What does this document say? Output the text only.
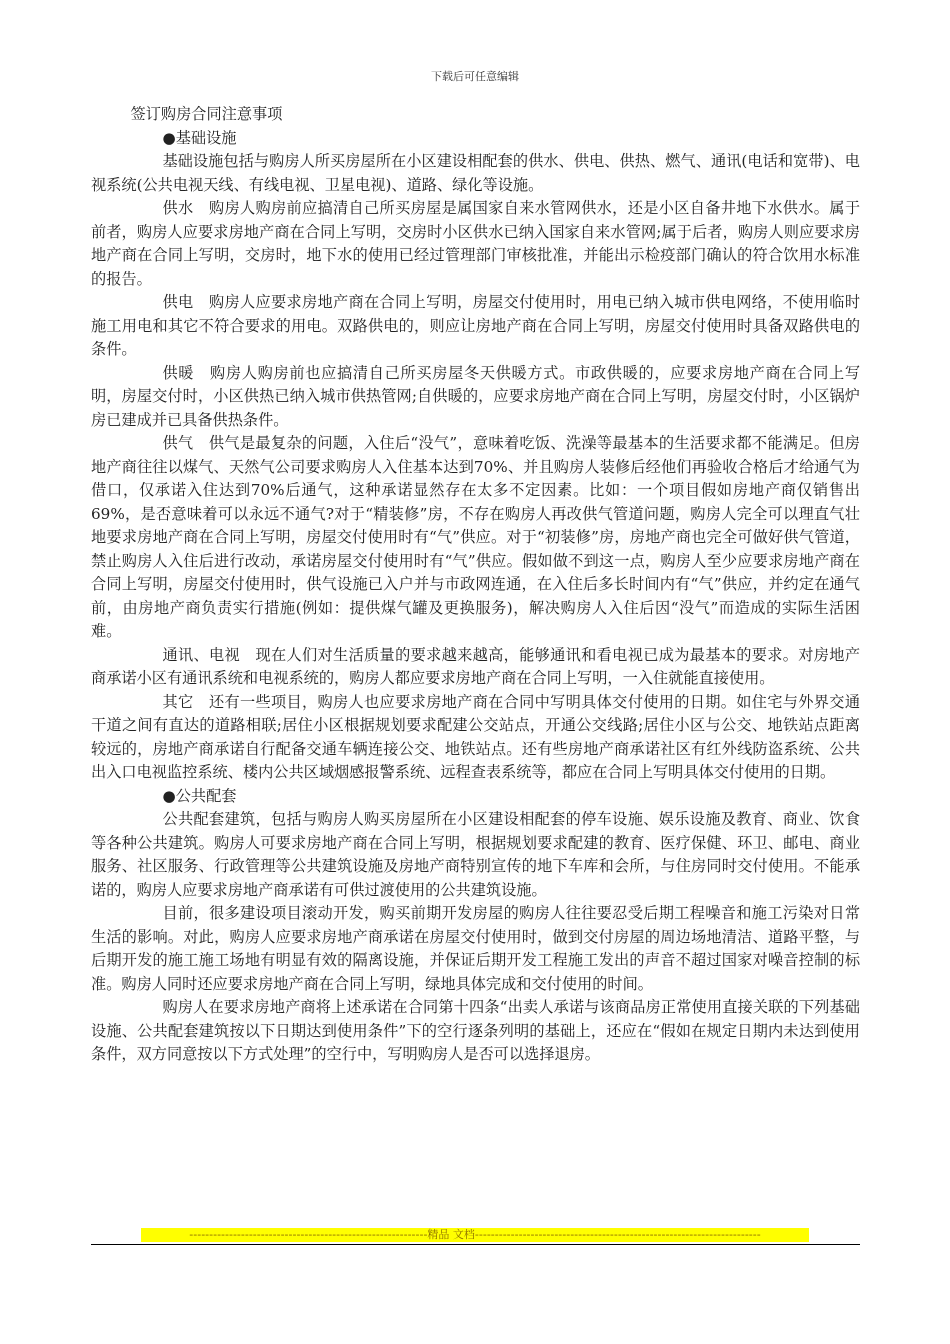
下载后可任意编辑

签订购房合同注意事项

●基础设施

基础设施包括与购房人所买房屋所在小区建设相配套的供水、供电、供热、燃气、通讯(电话和宽带)、电视系统(公共电视天线、有线电视、卫星电视)、道路、绿化等设施。

供水　购房人购房前应搞清自己所买房屋是属国家自来水管网供水，还是小区自备井地下水供水。属于前者，购房人应要求房地产商在合同上写明，交房时小区供水已纳入国家自来水管网;属于后者，购房人则应要求房地产商在合同上写明，交房时，地下水的使用已经过管理部门审核批准，并能出示检疫部门确认的符合饮用水标准的报告。

供电　购房人应要求房地产商在合同上写明，房屋交付使用时，用电已纳入城市供电网络，不使用临时施工用电和其它不符合要求的用电。双路供电的，则应让房地产商在合同上写明，房屋交付使用时具备双路供电的条件。

供暖　购房人购房前也应搞清自己所买房屋冬天供暖方式。市政供暖的，应要求房地产商在合同上写明，房屋交付时，小区供热已纳入城市供热管网;自供暖的，应要求房地产商在合同上写明，房屋交付时，小区锅炉房已建成并已具备供热条件。

供气　供气是最复杂的问题，入住后“没气”，意味着吃饭、洗澡等最基本的生活要求都不能满足。但房地产商往往以煤气、天然气公司要求购房人入住基本达到70%、并且购房人装修后经他们再验收合格后才给通气为借口，仅承诺入住达到70%后通气，这种承诺显然存在太多不定因素。比如：一个项目假如房地产商仅销售出69%，是否意味着可以永远不通气?对于“精装修”房，不存在购房人再改供气管道问题，购房人完全可以理直气壮地要求房地产商在合同上写明，房屋交付使用时有“气”供应。对于“初装修”房，房地产商也完全可做好供气管道，禁止购房人入住后进行改动，承诺房屋交付使用时有“气”供应。假如做不到这一点，购房人至少应要求房地产商在合同上写明，房屋交付使用时，供气设施已入户并与市政网连通，在入住后多长时间内有“气”供应，并约定在通气前，由房地产商负责实行措施(例如：提供煤气罐及更换服务)，解决购房人入住后因“没气”而造成的实际生活困难。

通讯、电视　现在人们对生活质量的要求越来越高，能够通讯和看电视已成为最基本的要求。对房地产商承诺小区有通讯系统和电视系统的，购房人都应要求房地产商在合同上写明，一入住就能直接使用。

其它　还有一些项目，购房人也应要求房地产商在合同中写明具体交付使用的日期。如住宅与外界交通干道之间有直达的道路相联;居住小区根据规划要求配建公交站点，开通公交线路;居住小区与公交、地铁站点距离较远的，房地产商承诺自行配备交通车辆连接公交、地铁站点。还有些房地产商承诺社区有红外线防盗系统、公共出入口电视监控系统、楼内公共区域烟感报警系统、远程查表系统等，都应在合同上写明具体交付使用的日期。

●公共配套

公共配套建筑，包括与购房人购买房屋所在小区建设相配套的停车设施、娱乐设施及教育、商业、饮食等各种公共建筑。购房人可要求房地产商在合同上写明，根据规划要求配建的教育、医疗保健、环卫、邮电、商业服务、社区服务、行政管理等公共建筑设施及房地产商特别宣传的地下车库和会所，与住房同时交付使用。不能承诺的，购房人应要求房地产商承诺有可供过渡使用的公共建筑设施。

目前，很多建设项目滚动开发，购买前期开发房屋的购房人往往要忍受后期工程噪音和施工污染对日常生活的影响。对此，购房人应要求房地产商承诺在房屋交付使用时，做到交付房屋的周边场地清洁、道路平整，与后期开发的施工施工场地有明显有效的隔离设施，并保证后期开发工程施工发出的声音不超过国家对噪音控制的标准。购房人同时还应要求房地产商在合同上写明，绿地具体完成和交付使用的时间。

购房人在要求房地产商将上述承诺在合同第十四条“出卖人承诺与该商品房正常使用直接关联的下列基础设施、公共配套建筑按以下日期达到使用条件”下的空行逐条列明的基础上，还应在“假如在规定日期内未达到使用条件，双方同意按以下方式处理”的空行中，写明购房人是否可以选择退房。

------------------------------------------------------------精品 文档------------------------------------------------------------------------
